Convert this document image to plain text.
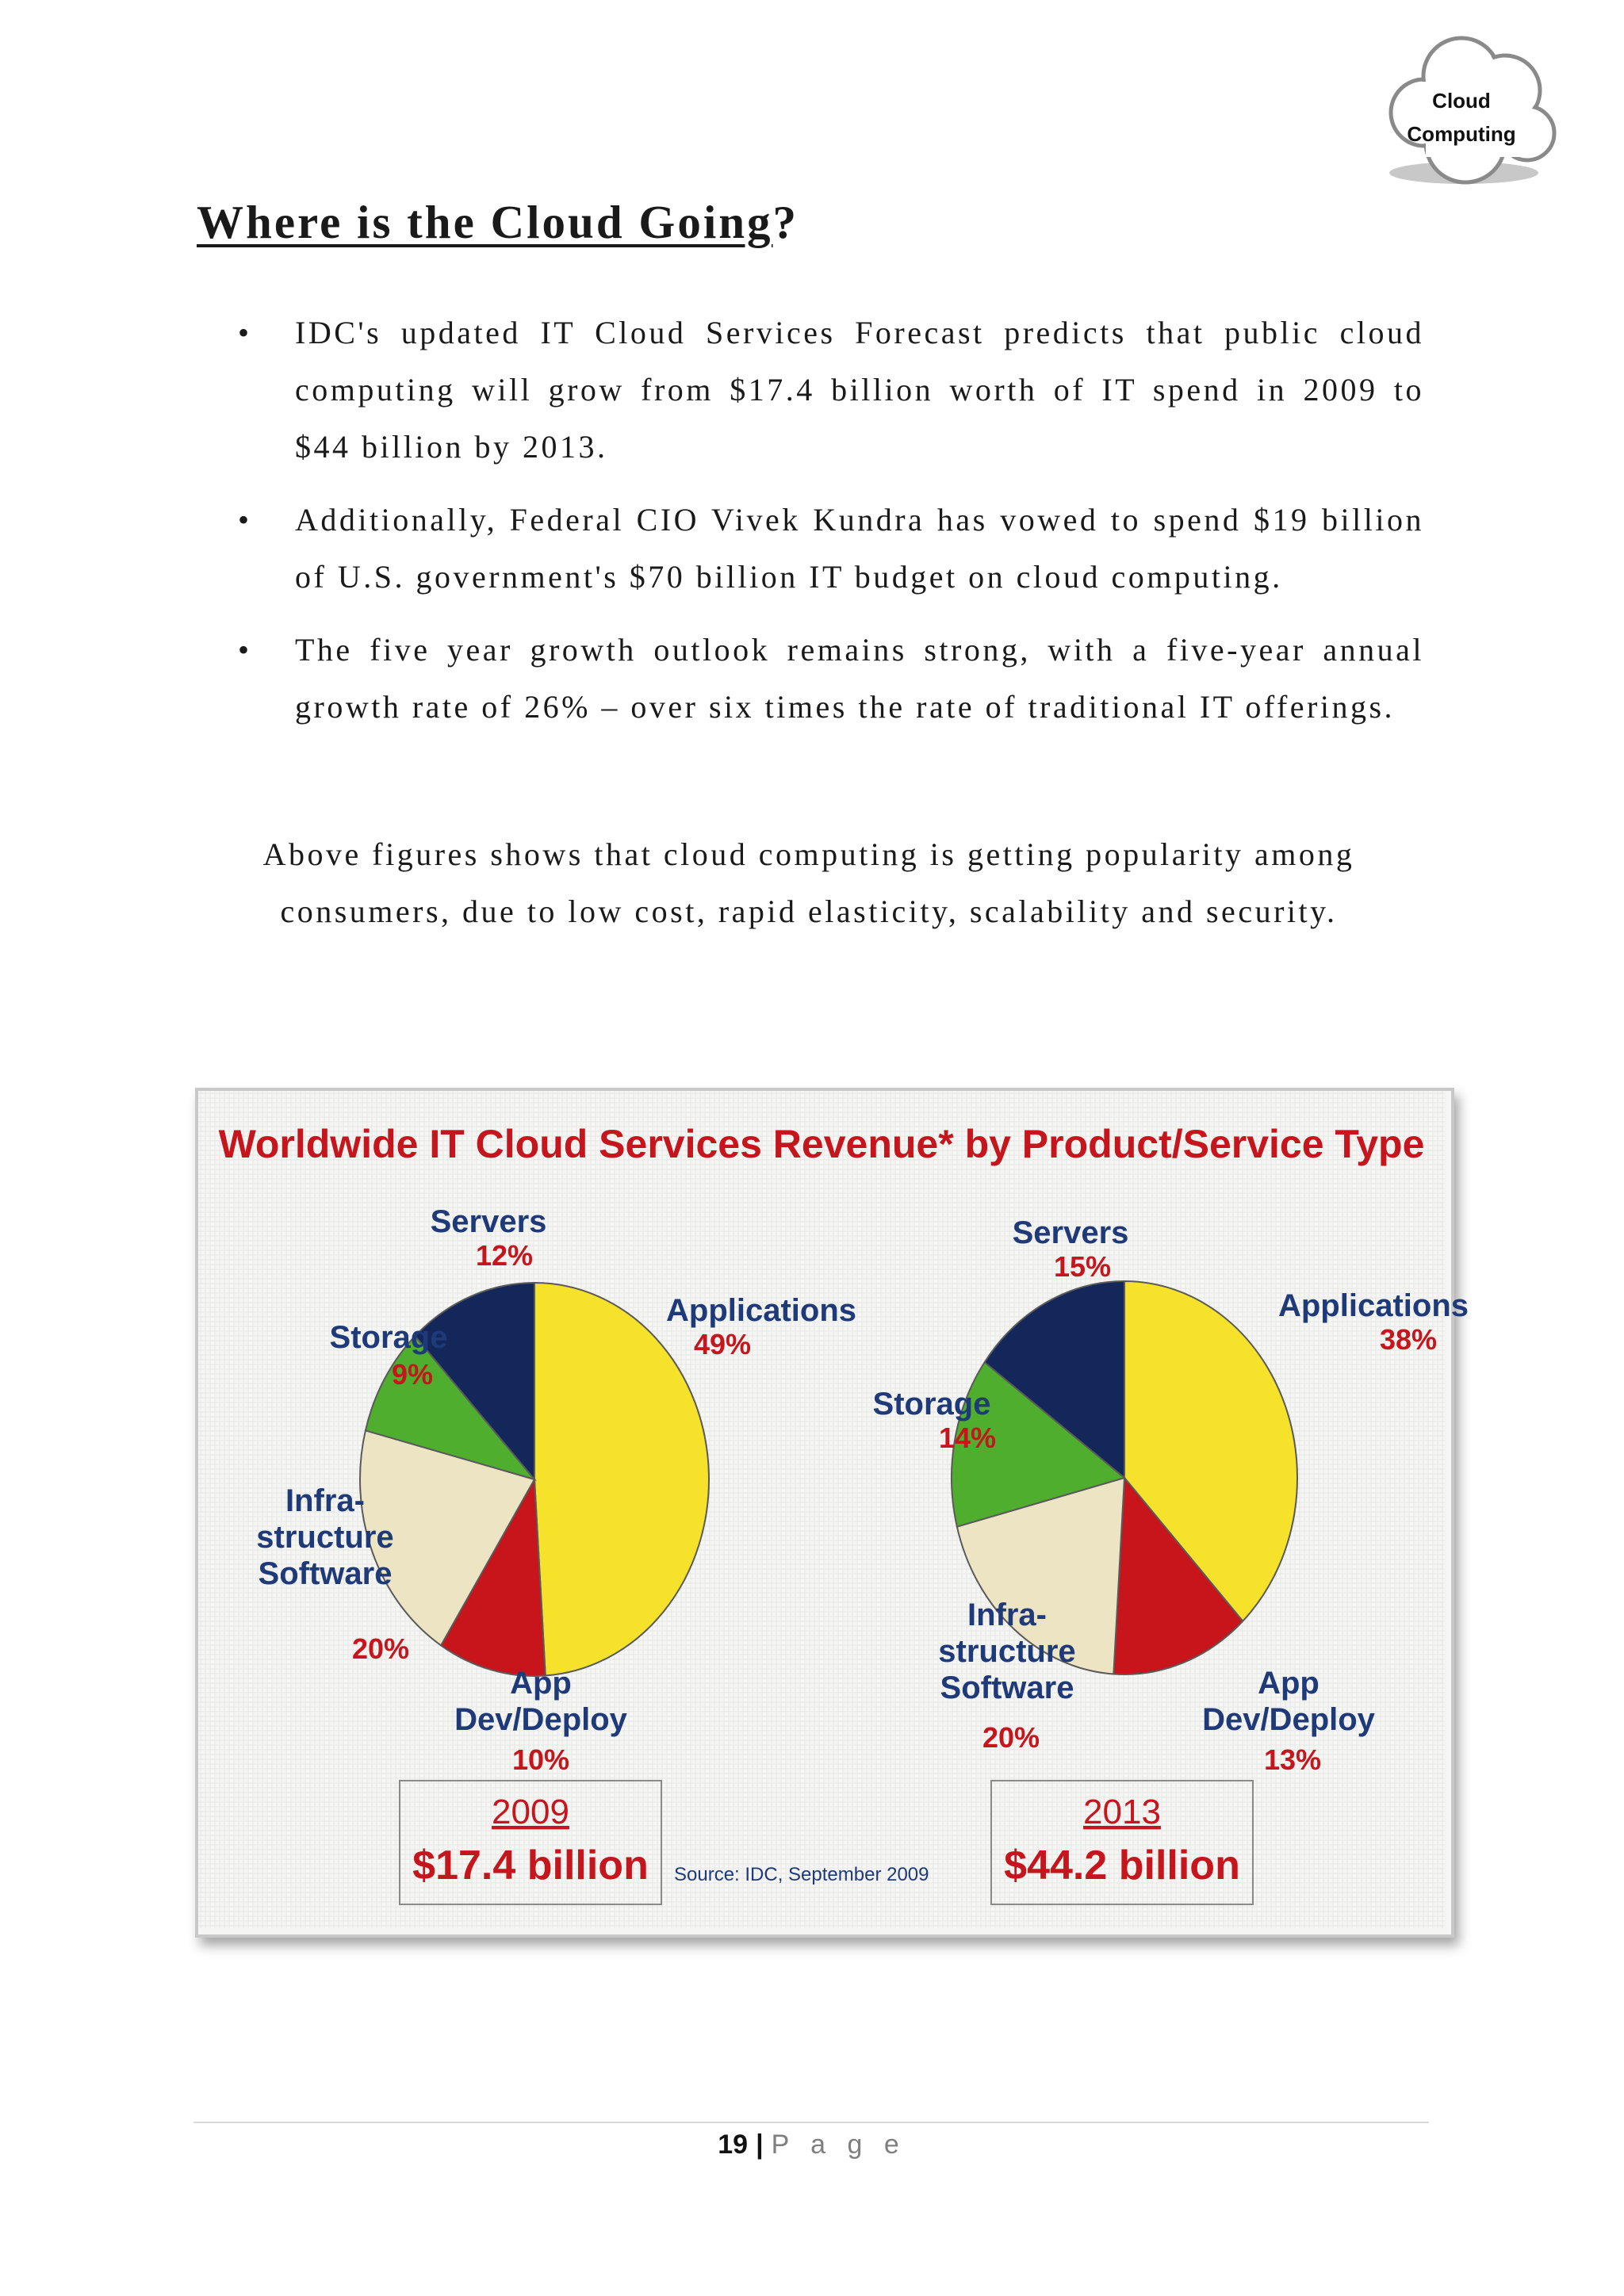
Cloud
Computing
Where is the Cloud Going?
• IDC's updated IT Cloud Services Forecast predicts that public cloud computing will grow from $17.4 billion worth of IT spend in 2009 to $44 billion by 2013.
• Additionally, Federal CIO Vivek Kundra has vowed to spend $19 billion of U.S. government's $70 billion IT budget on cloud computing.
• The five year growth outlook remains strong, with a five-year annual growth rate of 26% – over six times the rate of traditional IT offerings.

Above figures shows that cloud computing is getting popularity among consumers, due to low cost, rapid elasticity, scalability and security.

Worldwide IT Cloud Services Revenue* by Product/Service Type
Applications
49%
App
Dev/Deploy
10%
Infra-
structure
Software
20%
Storage
9%
Servers
12%
Applications
38%
App
Dev/Deploy
13%
Infra-
structure
Software
20%
Storage
14%
Servers
15%
2009
$17.4 billion
2013
$44.2 billion
Source: IDC, September 2009
19 | P a g e
